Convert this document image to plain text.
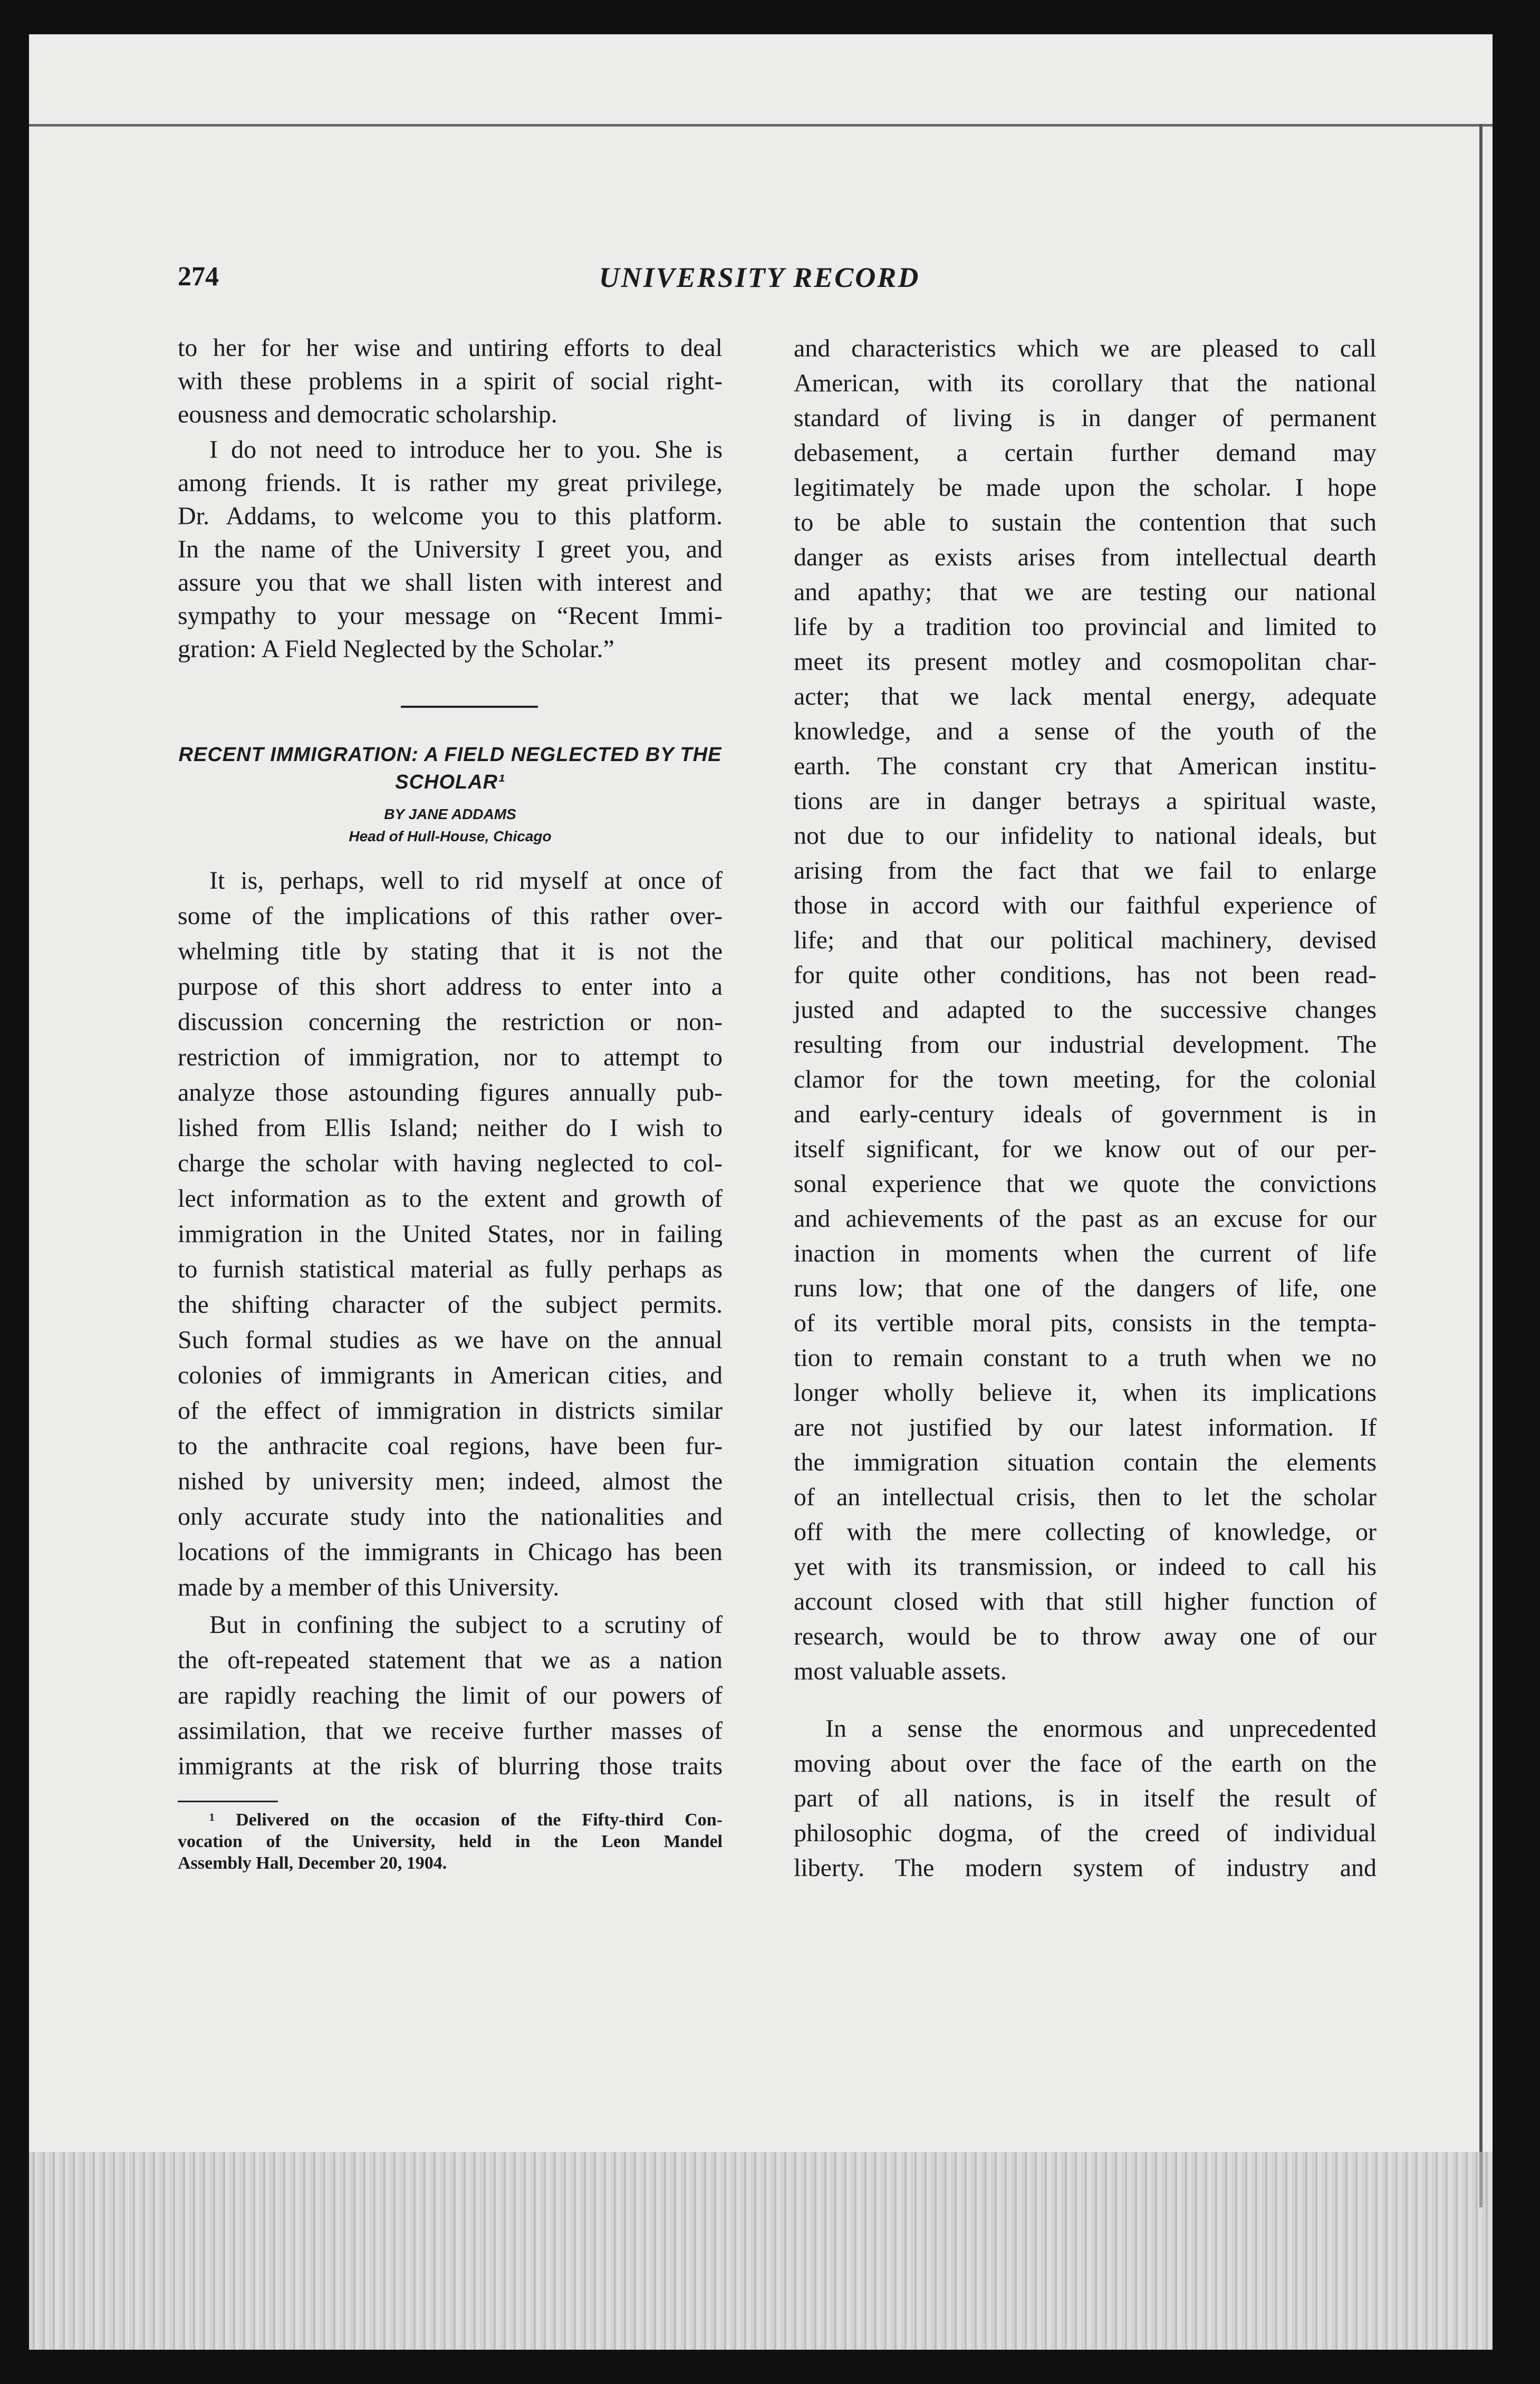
274	UNIVERSITY RECORD
to her for her wise and untiring efforts to deal
with these problems in a spirit of social right-
eousness and democratic scholarship.
I do not need to introduce her to you. She is
among friends. It is rather my great privilege,
Dr. Addams, to welcome you to this platform.
In the name of the University I greet you, and
assure you that we shall listen with interest and
sympathy to your message on “Recent Immi-
gration: A Field Neglected by the Scholar.”
RECENT IMMIGRATION: A FIELD NEGLECTED BY THE
SCHOLAR¹
BY JANE ADDAMS
Head of Hull-House, Chicago
It is, perhaps, well to rid myself at once of
some of the implications of this rather over-
whelming title by stating that it is not the
purpose of this short address to enter into a
discussion concerning the restriction or non-
restriction of immigration, nor to attempt to
analyze those astounding figures annually pub-
lished from Ellis Island; neither do I wish to
charge the scholar with having neglected to col-
lect information as to the extent and growth of
immigration in the United States, nor in failing
to furnish statistical material as fully perhaps as
the shifting character of the subject permits.
Such formal studies as we have on the annual
colonies of immigrants in American cities, and
of the effect of immigration in districts similar
to the anthracite coal regions, have been fur-
nished by university men; indeed, almost the
only accurate study into the nationalities and
locations of the immigrants in Chicago has been
made by a member of this University.
But in confining the subject to a scrutiny of
the oft-repeated statement that we as a nation
are rapidly reaching the limit of our powers of
assimilation, that we receive further masses of
immigrants at the risk of blurring those traits
¹ Delivered on the occasion of the Fifty-third Con-
vocation of the University, held in the Leon Mandel
Assembly Hall, December 20, 1904.
and characteristics which we are pleased to call
American, with its corollary that the national
standard of living is in danger of permanent
debasement, a certain further demand may
legitimately be made upon the scholar. I hope
to be able to sustain the contention that such
danger as exists arises from intellectual dearth
and apathy; that we are testing our national
life by a tradition too provincial and limited to
meet its present motley and cosmopolitan char-
acter; that we lack mental energy, adequate
knowledge, and a sense of the youth of the
earth. The constant cry that American institu-
tions are in danger betrays a spiritual waste,
not due to our infidelity to national ideals, but
arising from the fact that we fail to enlarge
those in accord with our faithful experience of
life; and that our political machinery, devised
for quite other conditions, has not been read-
justed and adapted to the successive changes
resulting from our industrial development. The
clamor for the town meeting, for the colonial
and early-century ideals of government is in
itself significant, for we know out of our per-
sonal experience that we quote the convictions
and achievements of the past as an excuse for our
inaction in moments when the current of life
runs low; that one of the dangers of life, one
of its vertible moral pits, consists in the tempta-
tion to remain constant to a truth when we no
longer wholly believe it, when its implications
are not justified by our latest information. If
the immigration situation contain the elements
of an intellectual crisis, then to let the scholar
off with the mere collecting of knowledge, or
yet with its transmission, or indeed to call his
account closed with that still higher function of
research, would be to throw away one of our
most valuable assets.
In a sense the enormous and unprecedented
moving about over the face of the earth on the
part of all nations, is in itself the result of
philosophic dogma, of the creed of individual
liberty. The modern system of industry and
